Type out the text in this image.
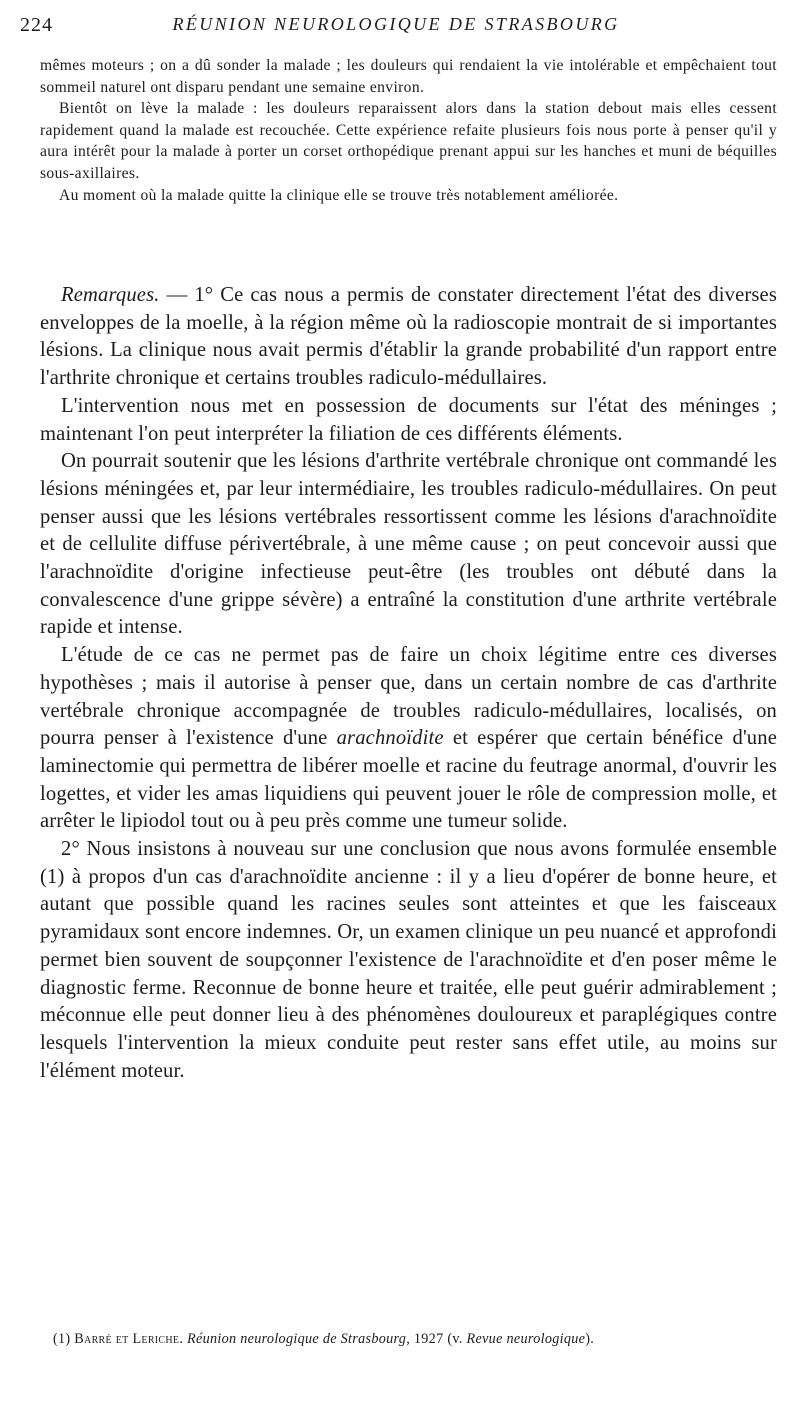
224	RÉUNION NEUROLOGIQUE DE STRASBOURG

mêmes moteurs ; on a dû sonder la malade ; les douleurs qui rendaient la vie intolérable et empêchaient tout sommeil naturel ont disparu pendant une semaine environ.

Bientôt on lève la malade : les douleurs reparaissent alors dans la station debout mais elles cessent rapidement quand la malade est recouchée. Cette expérience refaite plusieurs fois nous porte à penser qu'il y aura intérêt pour la malade à porter un corset orthopédique prenant appui sur les hanches et muni de béquilles sous-axillaires.

Au moment où la malade quitte la clinique elle se trouve très notablement améliorée.

Remarques. — 1° Ce cas nous a permis de constater directement l'état des diverses enveloppes de la moelle, à la région même où la radioscopie montrait de si importantes lésions. La clinique nous avait permis d'établir la grande probabilité d'un rapport entre l'arthrite chronique et certains troubles radiculo-médullaires.

L'intervention nous met en possession de documents sur l'état des méninges ; maintenant l'on peut interpréter la filiation de ces différents éléments.

On pourrait soutenir que les lésions d'arthrite vertébrale chronique ont commandé les lésions méningées et, par leur intermédiaire, les troubles radiculo-médullaires. On peut penser aussi que les lésions vertébrales ressortissent comme les lésions d'arachnoïdite et de cellulite diffuse périvertébrale, à une même cause ; on peut concevoir aussi que l'arachnoïdite d'origine infectieuse peut-être (les troubles ont débuté dans la convalescence d'une grippe sévère) a entraîné la constitution d'une arthrite vertébrale rapide et intense.

L'étude de ce cas ne permet pas de faire un choix légitime entre ces diverses hypothèses ; mais il autorise à penser que, dans un certain nombre de cas d'arthrite vertébrale chronique accompagnée de troubles radiculo-médullaires, localisés, on pourra penser à l'existence d'une arachnoïdite et espérer que certain bénéfice d'une laminectomie qui permettra de libérer moelle et racine du feutrage anormal, d'ouvrir les logettes, et vider les amas liquidiens qui peuvent jouer le rôle de compression molle, et arrêter le lipiodol tout ou à peu près comme une tumeur solide.

2° Nous insistons à nouveau sur une conclusion que nous avons formulée ensemble (1) à propos d'un cas d'arachnoïdite ancienne : il y a lieu d'opérer de bonne heure, et autant que possible quand les racines seules sont atteintes et que les faisceaux pyramidaux sont encore indemnes. Or, un examen clinique un peu nuancé et approfondi permet bien souvent de soupçonner l'existence de l'arachnoïdite et d'en poser même le diagnostic ferme. Reconnue de bonne heure et traitée, elle peut guérir admirablement ; méconnue elle peut donner lieu à des phénomènes douloureux et paraplégiques contre lesquels l'intervention la mieux conduite peut rester sans effet utile, au moins sur l'élément moteur.

(1) Barré et Leriche. Réunion neurologique de Strasbourg, 1927 (v. Revue neurologique).
